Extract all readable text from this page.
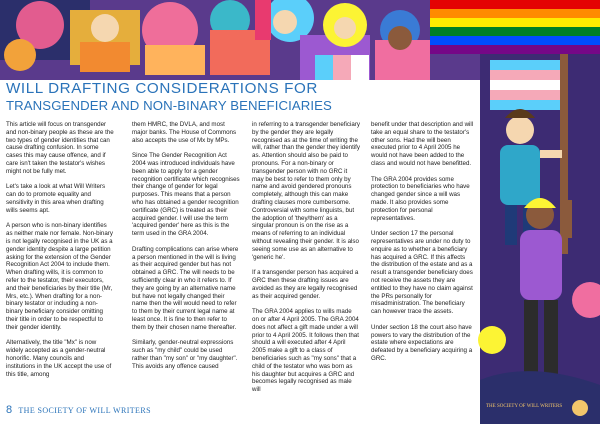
WILL DRAFTING CONSIDERATIONS FOR
TRANSGENDER AND NON-BINARY BENEFICIARIES

This article will focus on transgender and non-binary people as these are the two types of gender identities that can cause drafting confusion. In some cases this may cause offence, and if care isn't taken the testator's wishes might not be fully met.

Let's take a look at what Will Writers can do to promote equality and sensitivity in this area when drafting wills seems apt.

A person who is non-binary identifies as neither male nor female. Non-binary is not legally recognised in the UK as a gender identity despite a large petition asking for the extension of the Gender Recognition Act 2004 to include them. When drafting wills, it is common to refer to the testator, their executors, and their beneficiaries by their title (Mr, Mrs, etc.). When drafting for a non-binary testator or including a non-binary beneficiary consider omitting their title in order to be respectful to their gender identity.

Alternatively, the title "Mx" is now widely accepted as a gender-neutral honorific. Many councils and institutions in the UK accept the use of this title, among

them HMRC, the DVLA, and most major banks. The House of Commons also accepts the use of Mx by MPs.

Since The Gender Recognition Act 2004 was introduced individuals have been able to apply for a gender recognition certificate which recognises their change of gender for legal purposes. This means that a person who has obtained a gender recognition certificate (GRC) is treated as their acquired gender. I will use the term 'acquired gender' here as this is the term used in the GRA 2004.

Drafting complications can arise where a person mentioned in the will is living as their acquired gender but has not obtained a GRC. The will needs to be sufficiently clear in who it refers to. If they are going by an alternative name but have not legally changed their name then the will would need to refer to them by their current legal name at least once. It is fine to then refer to them by their chosen name thereafter.

Similarly, gender-neutral expressions such as "my child" could be used rather than "my son" or "my daughter". This avoids any offence caused

in referring to a transgender beneficiary by the gender they are legally recognised as at the time of writing the will, rather than the gender they identify as. Attention should also be paid to pronouns. For a non-binary or transgender person with no GRC it may be best to refer to them only by name and avoid gendered pronouns completely, although this can make drafting clauses more cumbersome. Controversial with some linguists, but the adoption of 'they/them' as a singular pronoun is on the rise as a means of referring to an individual without revealing their gender. It is also seeing some use as an alternative to 'generic he'.

If a transgender person has acquired a GRC then these drafting issues are avoided as they are legally recognised as their acquired gender.

The GRA 2004 applies to wills made on or after 4 April 2005. The GRA 2004 does not affect a gift made under a will prior to 4 April 2005. It follows then that should a will executed after 4 April 2005 make a gift to a class of beneficiaries such as "my sons" that a child of the testator who was born as his daughter but acquires a GRC and becomes legally recognised as male will

benefit under that description and will take an equal share to the testator's other sons. Had the will been executed prior to 4 April 2005 he would not have been added to the class and would not have benefitted.

The GRA 2004 provides some protection to beneficiaries who have changed gender since a will was made. It also provides some protection for personal representatives.

Under section 17 the personal representatives are under no duty to enquire as to whether a beneficiary has acquired a GRC. If this affects the distribution of the estate and as a result a transgender beneficiary does not receive the assets they are entitled to they have no claim against the PRs personally for misadministration. The beneficiary can however trace the assets.

Under section 18 the court also have powers to vary the distribution of the estate where expectations are defeated by a beneficiary acquiring a GRC.

8 THE SOCIETY OF WILL WRITERS	THE SOCIETY OF WILL WRITERS
